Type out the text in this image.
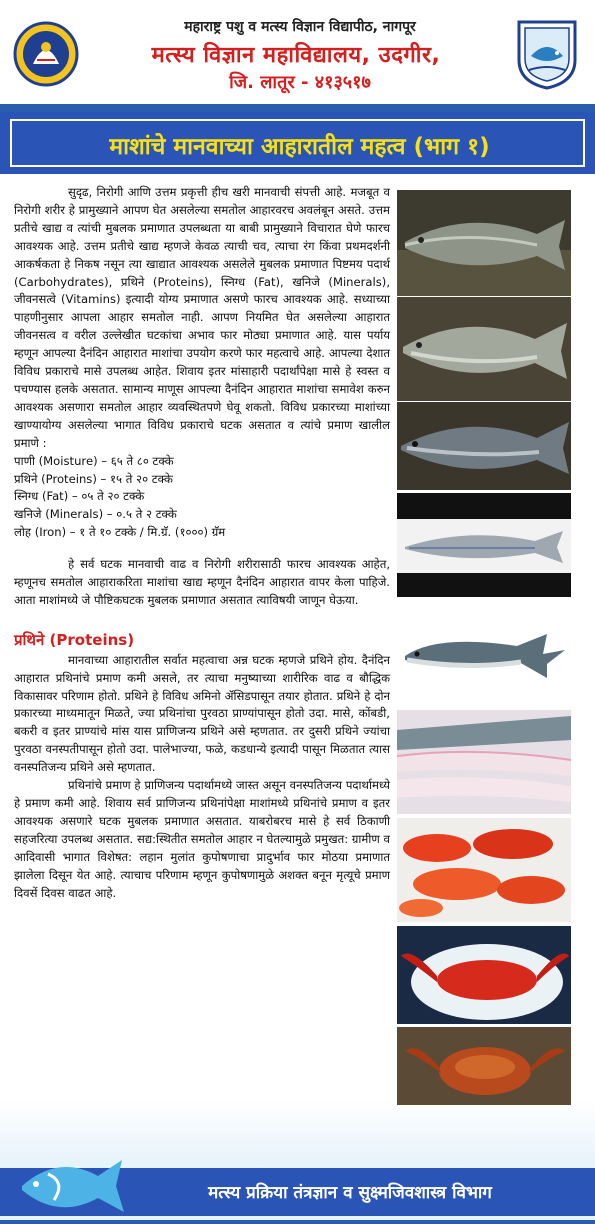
महाराष्ट्र पशु व मत्स्य विज्ञान विद्यापीठ, नागपूर
मत्स्य विज्ञान महाविद्यालय, उदगीर,
जि. लातूर - ४१३५१७
माशांचे मानवाच्या आहारातील महत्व (भाग १)

सुदृढ, निरोगी आणि उत्तम प्रकृत्ती हीच खरी मानवाची संपत्ती आहे. मजबूत व निरोगी शरीर हे प्रामुख्याने आपण घेत असलेल्या समतोल आहारवरच अवलंबून असते. उत्तम प्रतीचे खाद्य व त्यांची मुबलक प्रमाणात उपलब्धता या बाबी प्रामुख्याने विचारात घेणे फारच आवश्यक आहे. उत्तम प्रतीचे खाद्य म्हणजे केवळ त्याची चव, त्याचा रंग किंवा प्रथमदर्शनी आकर्षकता हे निकष नसून त्या खाद्यात आवश्यक असलेले मुबलक प्रमाणात पिष्टमय पदार्थ (Carbohydrates), प्रथिने (Proteins), स्निग्ध (Fat), खनिजे (Minerals), जीवनसत्वे (Vitamins) इत्यादी योग्य प्रमाणात असणे फारच आवश्यक आहे. सध्याच्या पाहणीनुसार आपला आहार समतोल नाही. आपण नियमित घेत असलेल्या आहारात जीवनसत्व व वरील उल्लेखीत घटकांचा अभाव फार मोठ्या प्रमाणात आहे. यास पर्याय म्हणून आपल्या दैनंदिन आहारात माशांचा उपयोग करणे फार महत्वाचे आहे. आपल्या देशात विविध प्रकाराचे मासे उपलब्ध आहेत. शिवाय इतर मांसाहारी पदार्थांपेक्षा मासे हे स्वस्त व पचण्यास हलके असतात. सामान्य माणूस आपल्या दैनंदिन आहारात माशांचा समावेश करुन आवश्यक असणारा समतोल आहार व्यवस्थितपणे घेवू शकतो. विविध प्रकारच्या माशांच्या खाण्यायोग्य असलेल्या भागात विविध प्रकाराचे घटक असतात व त्यांचे प्रमाण खालील प्रमाणे :

पाणी (Moisture) – ६५ ते ८० टक्के

प्रथिने (Proteins) – १५ ते २० टक्के

स्निग्ध (Fat) – ०५ ते २० टक्के

खनिजे (Minerals) – ०.५ ते २ टक्के

लोह (Iron) – १ ते १० टक्के / मि.ग्रॅ. (१०००) ग्रॅम

हे सर्व घटक मानवाची वाढ व निरोगी शरीरासाठी फारच आवश्यक आहेत, म्हणूनच समतोल आहाराकरिता माशांचा खाद्य म्हणून दैनंदिन आहारात वापर केला पाहिजे. आता माशांमध्ये जे पौष्टिकघटक मुबलक प्रमाणात असतात त्याविषयी जाणून घेऊया.

प्रथिने (Proteins)

मानवाच्या आहारातील सर्वात महत्वाचा अन्न घटक म्हणजे प्रथिने होय. दैनंदिन आहारात प्रथिनांचे प्रमाण कमी असले, तर त्याचा मनुष्याच्या शारीरिक वाढ व बौद्धिक विकासावर परिणाम होतो. प्रथिने हे विविध अमिनो ॲसिडपासून तयार होतात. प्रथिने हे दोन प्रकारच्या माध्यमातून मिळते, ज्या प्रथिनांचा पुरवठा प्राण्यांपासून होतो उदा. मासे, कोंबडी, बकरी व इतर प्राण्यांचे मांस यास प्राणिजन्य प्रथिने असे म्हणतात. तर दुसरी प्रथिने ज्यांचा पुरवठा वनस्पतीपासून होतो उदा. पालेभाज्या, फळे, कडधान्ये इत्यादी पासून मिळतात त्यास वनस्पतिजन्य प्रथिने असे म्हणतात.

प्रथिनांचे प्रमाण हे प्राणिजन्य पदार्थामध्ये जास्त असून वनस्पतिजन्य पदार्थामध्ये हे प्रमाण कमी आहे. शिवाय सर्व प्राणिजन्य प्रथिनांपेक्षा माशांमध्ये प्रथिनांचे प्रमाण व इतर आवश्यक असणारे घटक मुबलक प्रमाणात असतात. याबरोबरच मासे हे सर्व ठिकाणी सहजरित्या उपलब्ध असतात. सद्य:स्थितीत समतोल आहार न घेतल्यामुळे प्रमुखत: ग्रामीण व आदिवासी भागात विशेषत: लहान मुलांत कुपोषणाचा प्रादुर्भाव फार मोठया प्रमाणात झालेला दिसून येत आहे. त्याचाच परिणाम म्हणून कुपोषणामुळे अशक्त बनून मृत्यूचे प्रमाण दिवसें दिवस वाढत आहे.

मत्स्य प्रक्रिया तंत्रज्ञान व सुक्ष्मजिवशास्त्र विभाग
